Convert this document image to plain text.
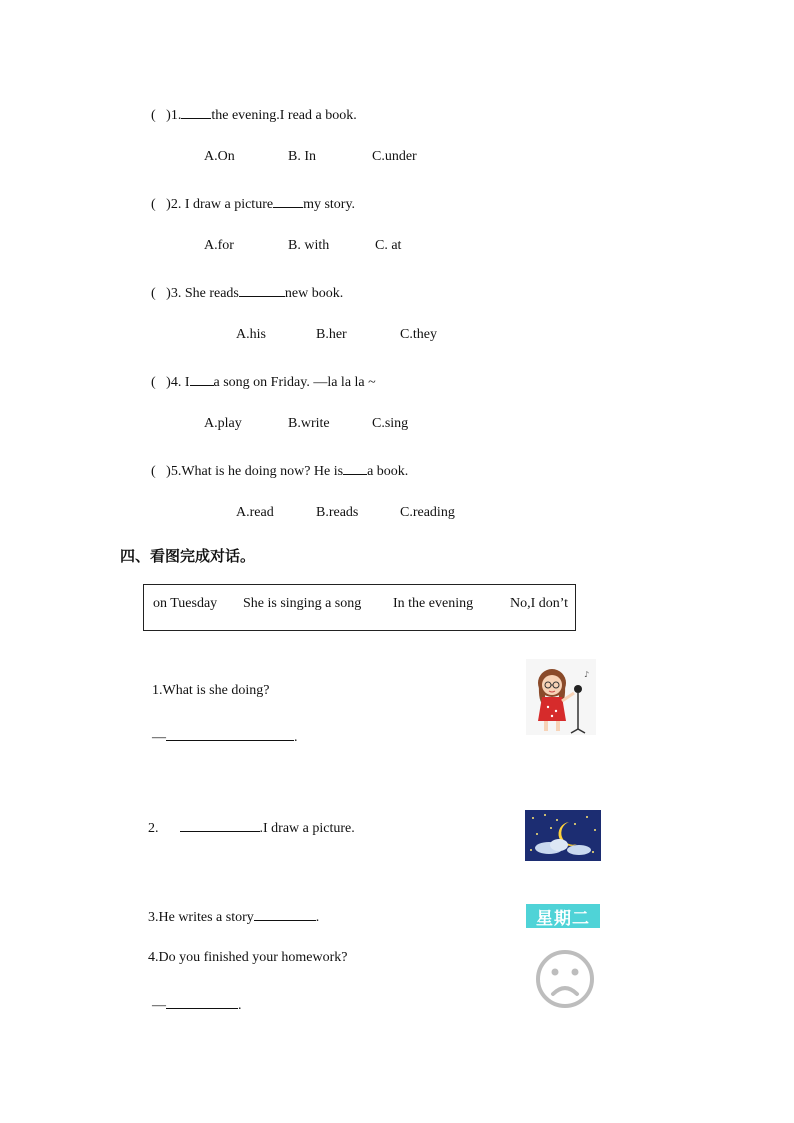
( )1. the evening.I read a book.
A.On	B. In	C.under
( )2. I draw a picture my story.
A.for	B. with	C. at
( )3. She reads	new book.
A.his	B.her	C.they
( )4. I a song on Friday. —la la la ~
A.play	B.write	C.sing
( )5.What is he doing now? He is a book.
A.read	B.reads	C.reading
四、看图完成对话。
on Tuesday She is singing a song In the evening	No,I don’t
1.What is she doing?
—	.
♪
2.	.I draw a picture.
3.He writes a story	.	星期二
4.Do you finished your homework?
—	.
